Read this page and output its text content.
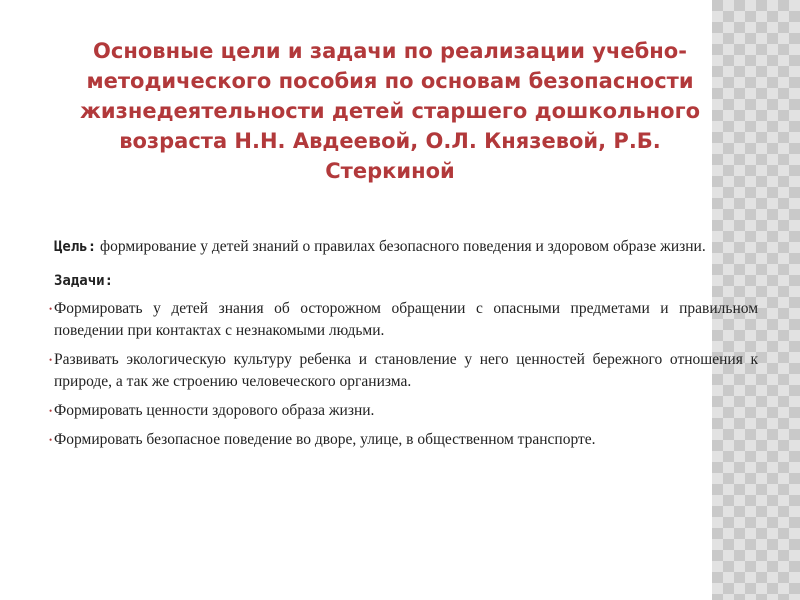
Основные цели и задачи по реализации учебно-методического пособия по основам безопасности жизнедеятельности детей старшего дошкольного возраста Н.Н. Авдеевой, О.Л. Князевой, Р.Б. Стеркиной

Цель: формирование у детей знаний о правилах безопасного поведения и здоровом образе жизни.

Задачи:

• Формировать у детей знания об осторожном обращении с опасными предметами и правильном поведении при контактах с незнакомыми людьми.
• Развивать экологическую культуру ребенка и становление у него ценностей бережного отношения к природе, а так же строению человеческого организма.
• Формировать ценности здорового образа жизни.
• Формировать безопасное поведение во дворе, улице, в общественном транспорте.
